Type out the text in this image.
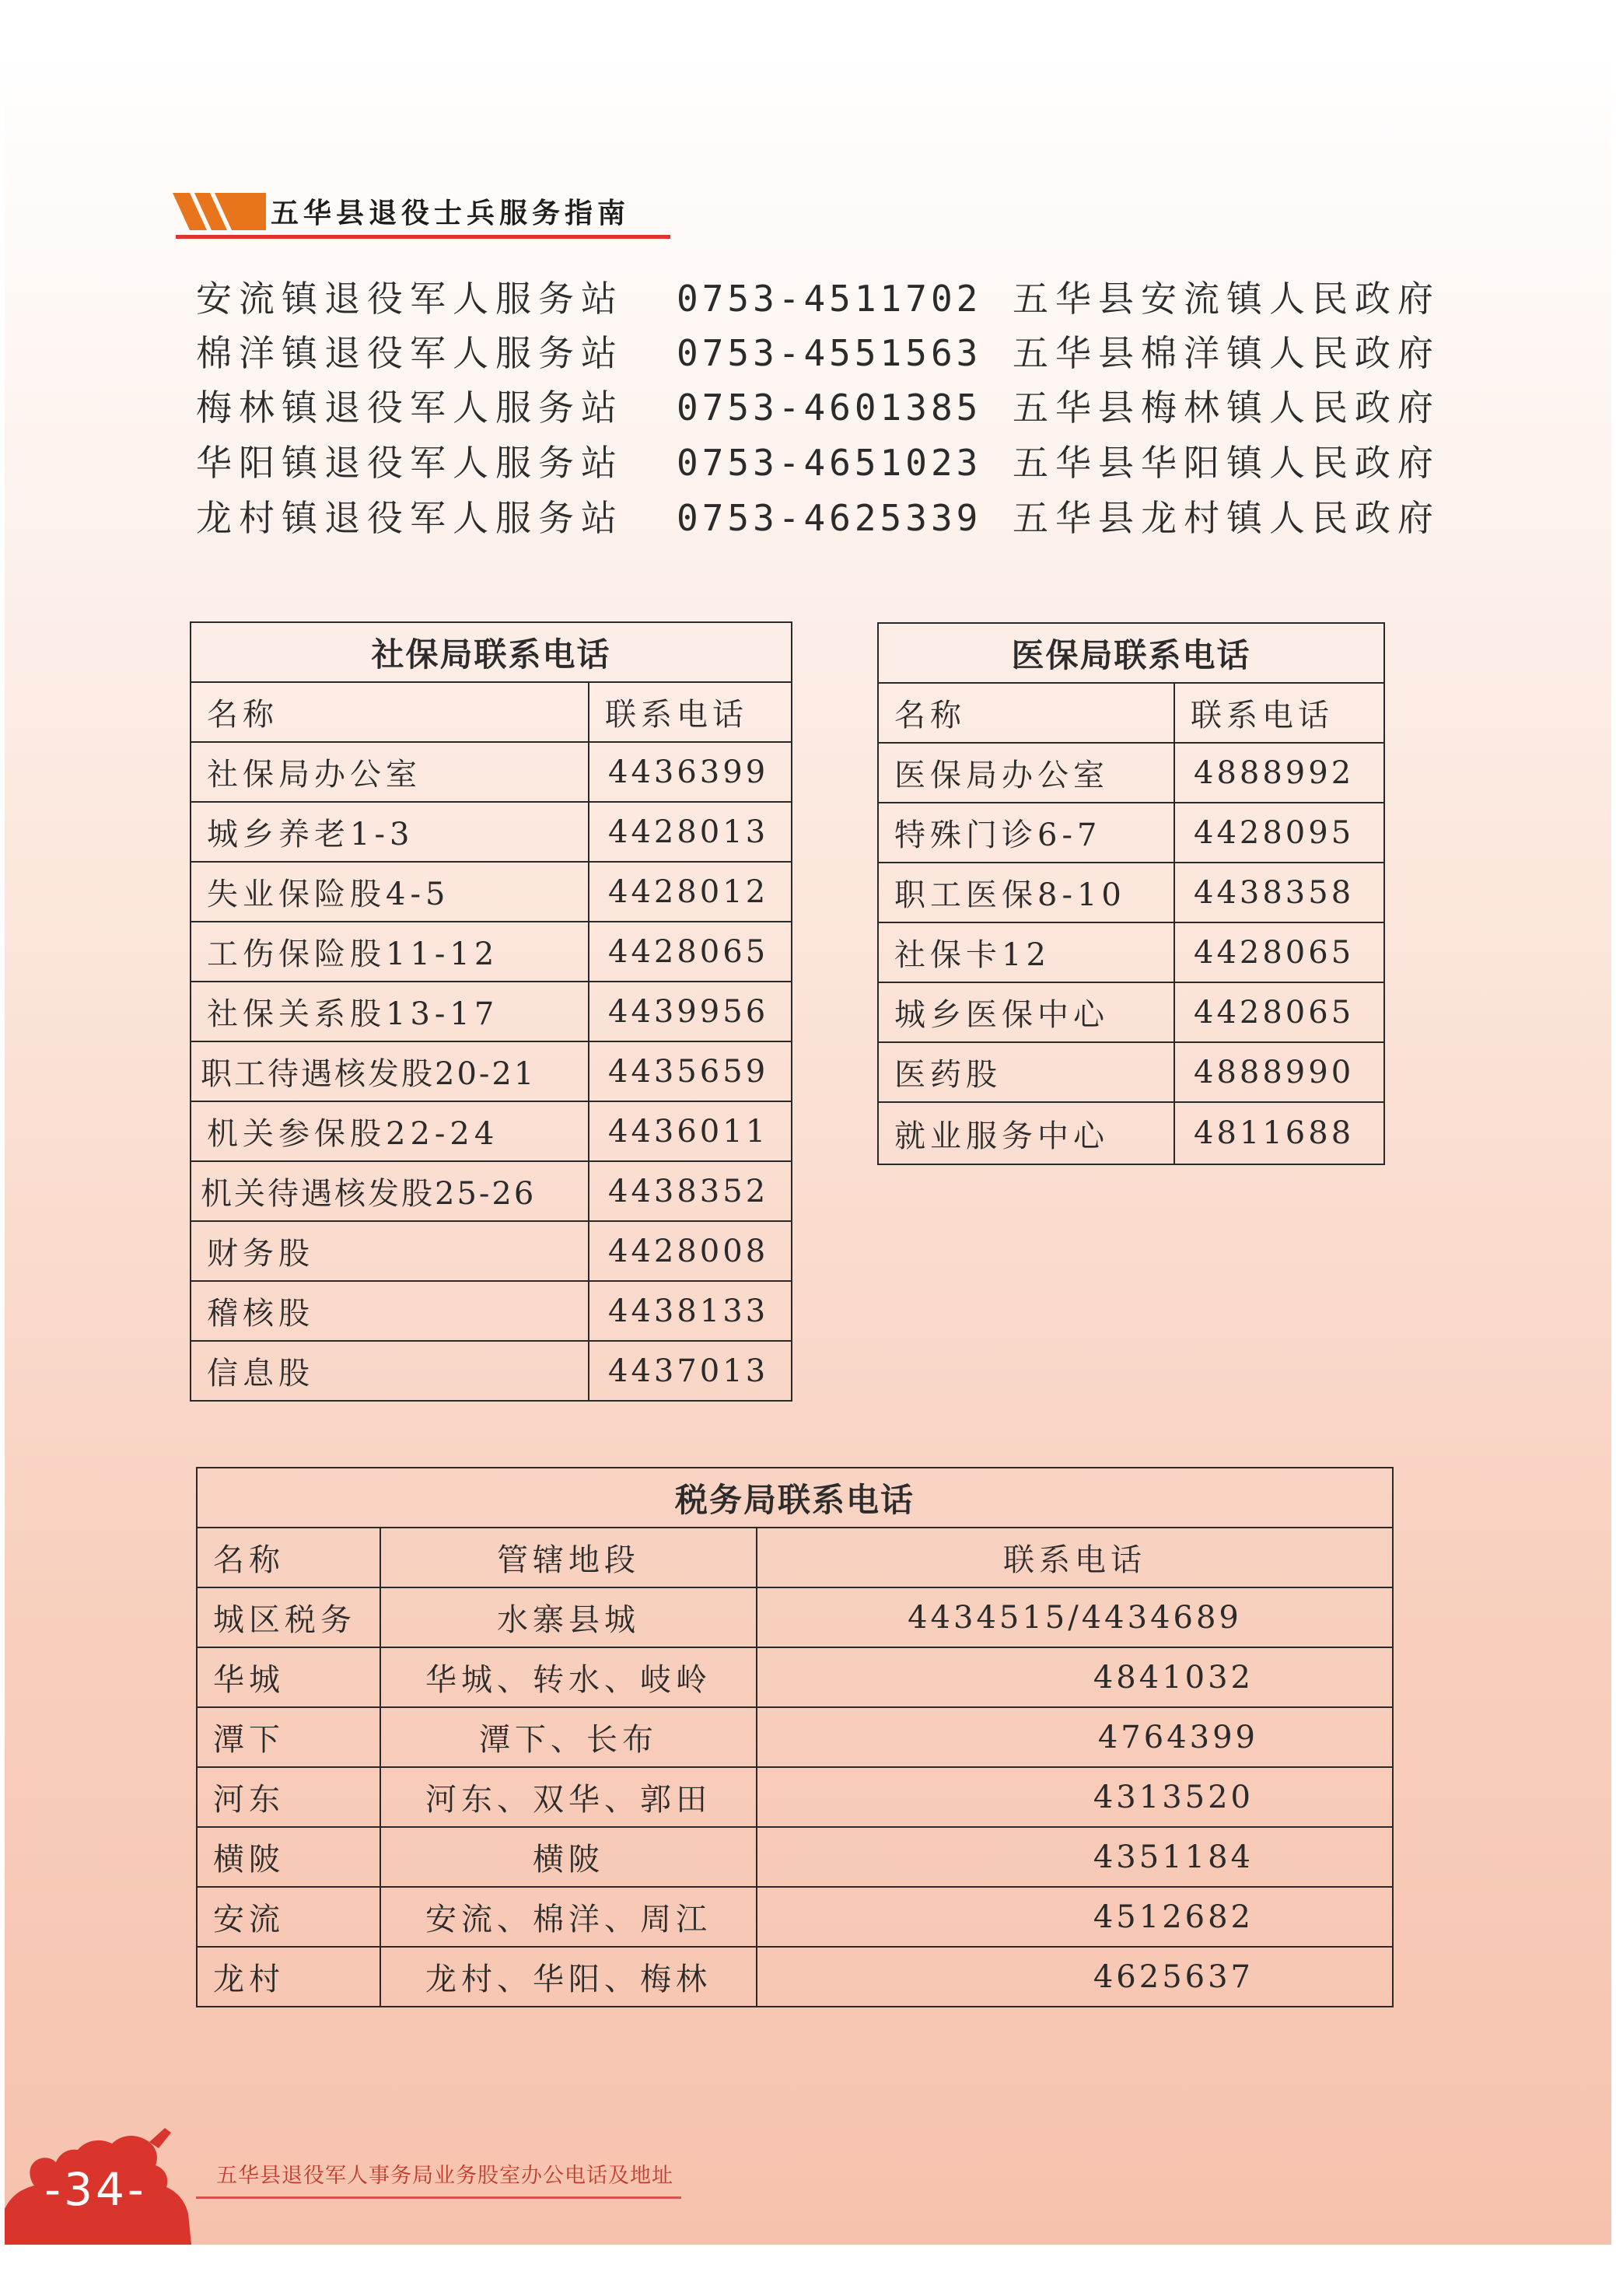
五华县退役士兵服务指南
安流镇退役军人服务站 0753-4511702 五华县安流镇人民政府
棉洋镇退役军人服务站 0753-4551563 五华县棉洋镇人民政府
梅林镇退役军人服务站 0753-4601385 五华县梅林镇人民政府
华阳镇退役军人服务站 0753-4651023 五华县华阳镇人民政府
龙村镇退役军人服务站 0753-4625339 五华县龙村镇人民政府
社保局联系电话	
名称	联系电话
社保局办公室	4436399
城乡养老1-3	4428013
失业保险股4-5	4428012
工伤保险股11-12	4428065
社保关系股13-17	4439956
职工待遇核发股20-21	4435659
机关参保股22-24	4436011
机关待遇核发股25-26	4438352
财务股	4428008
稽核股	4438133
信息股	4437013
医保局联系电话	
名称	联系电话
医保局办公室	4888992
特殊门诊6-7	4428095
职工医保8-10	4438358
社保卡12	4428065
城乡医保中心	4428065
医药股	4888990
就业服务中心	4811688
税务局联系电话		
名称	管辖地段	联系电话
城区税务	水寨县城	4434515/4434689
华城	华城、转水、岐岭	4841032
潭下	潭下、长布	4764399
河东	河东、双华、郭田	4313520
横陂	横陂	4351184
安流	安流、棉洋、周江	4512682
龙村	龙村、华阳、梅林	4625637
-34-	五华县退役军人事务局业务股室办公电话及地址
